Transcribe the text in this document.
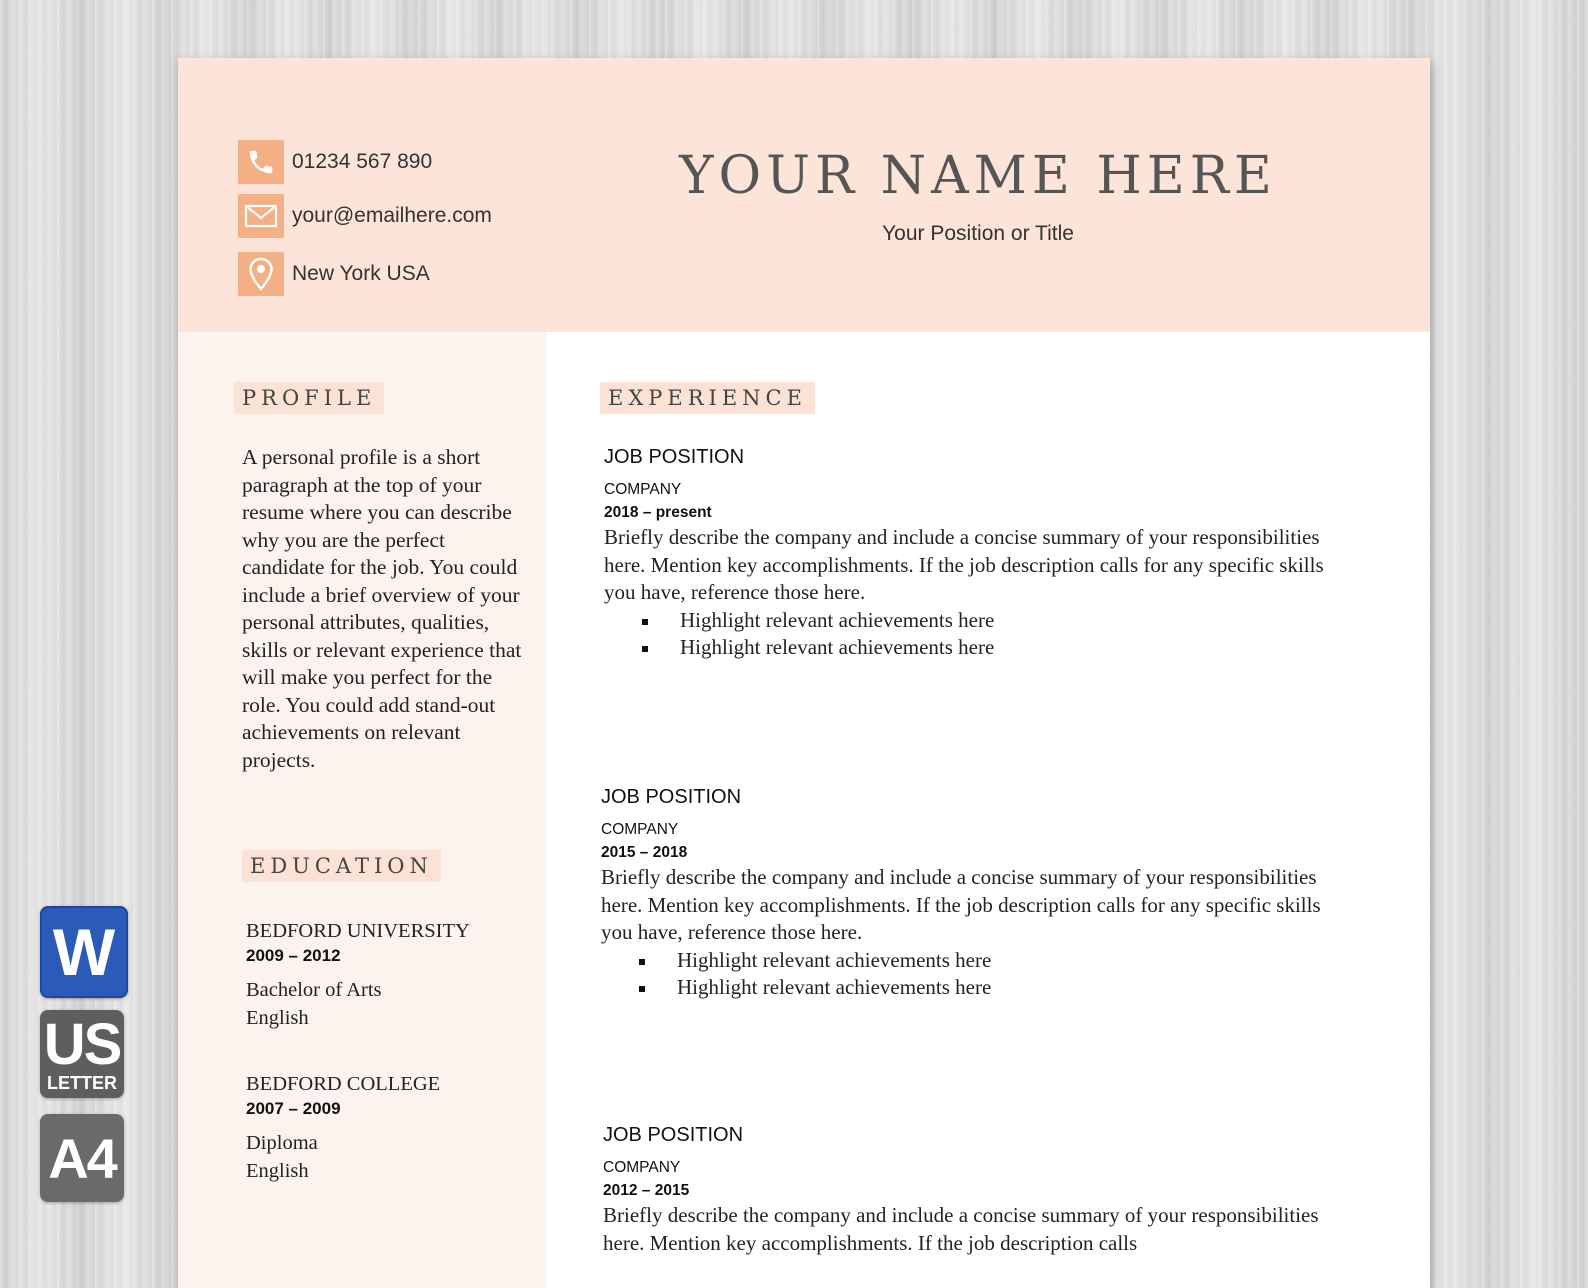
01234 567 890
your@emailhere.com
New York USA
YOUR NAME HERE
Your Position or Title
PROFILE
A personal profile is a short paragraph at the top of your resume where you can describe why you are the perfect candidate for the job. You could include a brief overview of your personal attributes, qualities, skills or relevant experience that will make you perfect for the role. You could add stand-out achievements on relevant projects.
EDUCATION
BEDFORD UNIVERSITY
2009 – 2012
Bachelor of Arts
English
BEDFORD COLLEGE
2007 – 2009
Diploma
English
EXPERIENCE
JOB POSITION
COMPANY
2018 – present
Briefly describe the company and include a concise summary of your responsibilities here. Mention key accomplishments. If the job description calls for any specific skills you have, reference those here.
Highlight relevant achievements here
Highlight relevant achievements here
JOB POSITION
COMPANY
2015 – 2018
Briefly describe the company and include a concise summary of your responsibilities here. Mention key accomplishments. If the job description calls for any specific skills you have, reference those here.
Highlight relevant achievements here
Highlight relevant achievements here
JOB POSITION
COMPANY
2012 – 2015
Briefly describe the company and include a concise summary of your responsibilities here. Mention key accomplishments. If the job description calls
W
US
LETTER
A4
